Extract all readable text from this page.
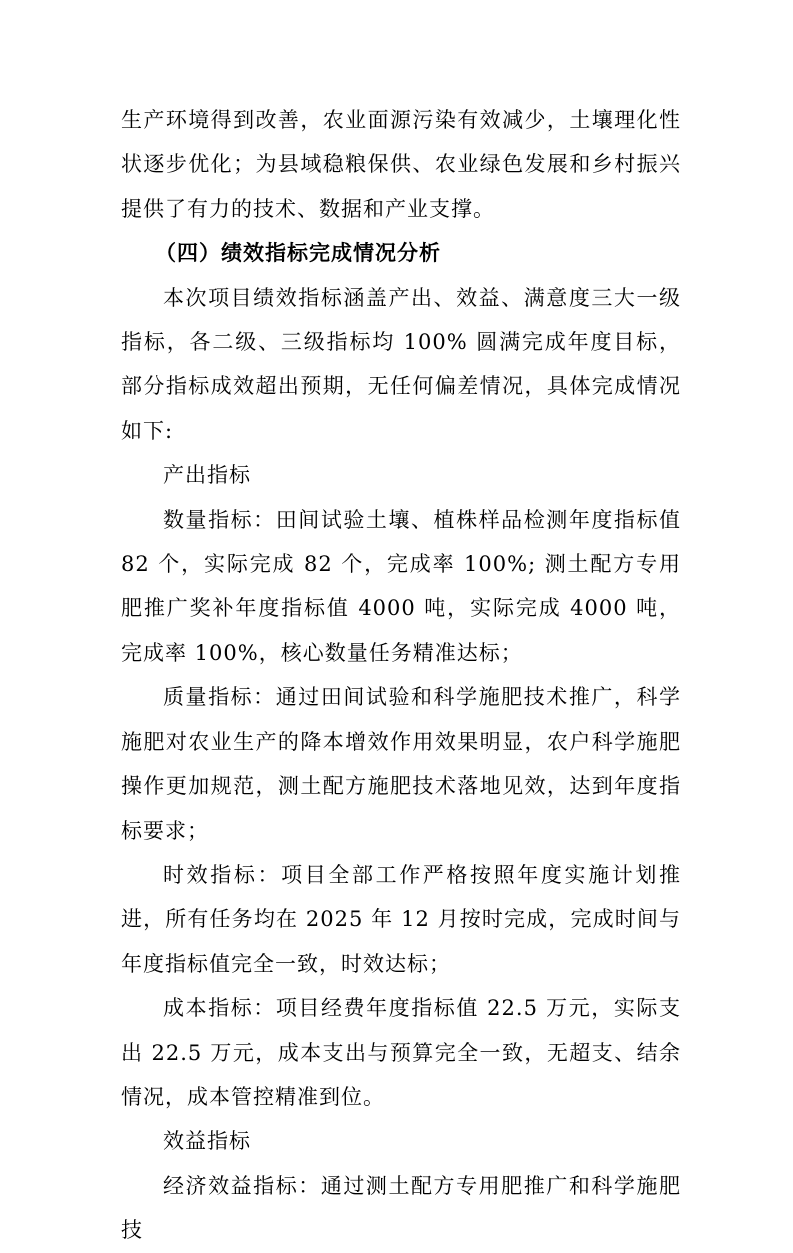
生产环境得到改善，农业面源污染有效减少，土壤理化性状逐步优化；为县域稳粮保供、农业绿色发展和乡村振兴提供了有力的技术、数据和产业支撑。

（四）绩效指标完成情况分析

本次项目绩效指标涵盖产出、效益、满意度三大一级指标，各二级、三级指标均 100% 圆满完成年度目标，部分指标成效超出预期，无任何偏差情况，具体完成情况如下:

产出指标

数量指标：田间试验土壤、植株样品检测年度指标值 82 个，实际完成 82 个，完成率 100%; 测土配方专用肥推广奖补年度指标值 4000 吨，实际完成 4000 吨，完成率 100%，核心数量任务精准达标；

质量指标：通过田间试验和科学施肥技术推广，科学施肥对农业生产的降本增效作用效果明显，农户科学施肥操作更加规范，测土配方施肥技术落地见效，达到年度指标要求；

时效指标：项目全部工作严格按照年度实施计划推进，所有任务均在 2025 年 12 月按时完成，完成时间与年度指标值完全一致，时效达标；

成本指标：项目经费年度指标值 22.5 万元，实际支出 22.5 万元，成本支出与预算完全一致，无超支、结余情况，成本管控精准到位。

效益指标

经济效益指标：通过测土配方专用肥推广和科学施肥技
